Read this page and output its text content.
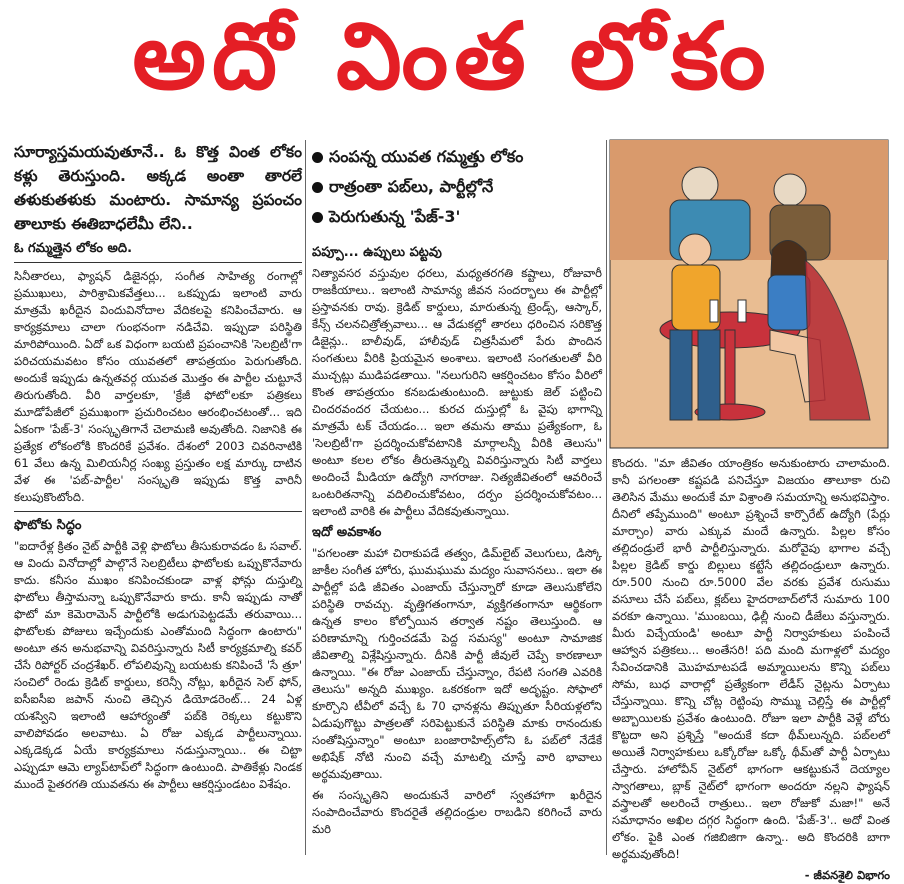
అదో వింత లోకం
సూర్యాస్తమయవుతూనే.. ఓ కొత్త వింత లోకం కళ్లు తెరుస్తుంది. అక్కడ అంతా తారలే తళుకుతళుకు మంటారు. సామాన్య ప్రపంచం తాలూకు ఈతిబాధలేమీ లేని..
ఓ గమ్మత్తైన లోకం అది.

సినీతారలు, ఫ్యాషన్ డిజైనర్లు, సంగీత సాహిత్య రంగాల్లో ప్రముఖులు, పారిశ్రామికవేత్తలు... ఒకప్పుడు ఇలాంటి వారు మాత్రమే ఖరీదైన విందువినోదాల వేదికలపై కనిపించేవారు. ఆ కార్యక్రమాలు చాలా గుంభనంగా నడిచేవి. ఇప్పుడా పరిస్థితి మారిపోయింది. ఏదో ఒక విధంగా బయటి ప్రపంచానికి 'సెలబ్రిటీ'గా పరిచయమవటం కోసం యువతలో తాపత్రయం పెరుగుతోంది. అందుకే ఇప్పుడు ఉన్నతవర్గ యువత మొత్తం ఈ పార్టీల చుట్టూనే తిరుగుతోంది. వీరి వార్తలకూ, 'క్రేజీ ఫోటో'లకూ పత్రికలు మూడోపేజీలో ప్రముఖంగా ప్రచురించటం ఆరంభించటంతో... ఇది ఏకంగా 'పేజ్-3' సంస్కృతిగానే చెలామణి అవుతోంది. నిజానికి ఈ ప్రత్యేక లోకంలోకి కొందరికే ప్రవేశం. దేశంలో 2003 చివరినాటికి 61 వేలు ఉన్న మిలియనీర్ల సంఖ్య ప్రస్తుతం లక్ష మార్కు దాటిన వేళ ఈ 'పబ్-పార్టీల' సంస్కృతి ఇప్పుడు కొత్త వారినీ కలుపుకొంటోంది.

ఫొటోకు సిద్ధం

"ఐదారేళ్ల క్రితం నైట్ పార్టీకి వెళ్లి ఫొటోలు తీసుకురావడం ఓ సవాల్. ఆ విందు వినోదాల్లో పాల్గొనే సెలబ్రిటీలు ఫొటోలకు ఒప్పుకొనేవారు కాదు. కనీసం ముఖం కనిపించకుండా వాళ్ల ఫోన్లు దుస్తుల్ని ఫొటోలు తీస్తామన్నా ఒప్పుకొనేవారు కాదు. కానీ ఇప్పుడు నాతో ఫొటో మా కెమెరామెన్ పార్టీలోకి అడుగుపెట్టడమే తరువాయి... ఫొటోలకు పోజులు ఇచ్చేందుకు ఎంతోమంది సిద్ధంగా ఉంటారు" అంటూ తన అనుభవాన్ని వివరిస్తున్నారు సిటీ కార్యక్రమాల్ని కవర్ చేసే రిపోర్టర్ చంద్రశేఖర్. లోపలివున్ని బయటకు కనిపించే 'సే త్రూ' సంచిలో రెండు క్రెడిట్ కార్డులు, కరెన్సీ నోట్లు, ఖరీదైన సెల్ ఫోన్, ఐసీఐసీఐ జపాన్ నుంచి తెచ్చిన డియోడరెంట్... 24 ఏళ్ల యశస్విని ఇలాంటి ఆహార్యంతో పబ్‌కి రెక్కలు కట్టుకొని వాలిపోవడం అలవాటు. ఏ రోజు ఎక్కడ పార్టీలున్నాయి. ఎక్కడెక్కడ ఏయే కార్యక్రమాలు నడుస్తున్నాయి.. ఈ చిట్టా ఎప్పుడూ ఆమె ల్యాప్‌టాప్‌లో సిద్ధంగా ఉంటుంది. పాతికేళ్లు నిండక ముందే పైతరగతి యువతను ఈ పార్టీలు ఆకర్షిస్తుండటం విశేషం.

సంపన్న యువత గమ్మత్తు లోకం
రాత్రంతా పబ్‌లు, పార్టీల్లోనే
పెరుగుతున్న 'పేజ్-3'
పప్పూ... ఉప్పులు పట్టవు

నిత్యావసర వస్తువుల ధరలు, మధ్యతరగతి కష్టాలు, రోజువారీ రాజకీయాలు.. ఇలాంటి సామాన్య జీవన సందర్భాలు ఈ పార్టీల్లో ప్రస్తావనకు రావు. క్రెడిట్ కార్డులు, మారుతున్న ట్రెండ్స్, ఆస్కార్, కేన్స్ చలనచిత్రోత్సవాలు... ఆ వేడుకల్లో తారలు ధరించిన సరికొత్త డిజైన్లు.. బాలీవుడ్, హాలీవుడ్ చిత్రసీమలో పేరు పొందిన సంగతులు వీరికి ప్రియమైన అంశాలు. ఇలాంటి సంగతులతో వీరి ముచ్చట్లు ముడిపడతాయి. "నలుగురిని ఆకర్షించటం కోసం వీరిలో కొంత తాపత్రయం కనబడుతుంటుంది. జుట్టుకు జెల్ పట్టించి చిందరవందర చేయటం... కురచ దుస్తుల్లో ఓ వైపు భాగాన్ని మాత్రమే టక్ చేయడం... ఇలా తమను తాము ప్రత్యేకంగా, ఓ 'సెలబ్రిటీ'గా ప్రదర్శించుకోవటానికి మార్గాలన్నీ వీరికి తెలుసు" అంటూ కలల లోకం తీరుతెన్నుల్ని వివరిస్తున్నారు సిటీ వార్తలు అందించే మీడియా ఉద్యోగి నాగరాజు. నిత్యజీవితంలో ఆవరించే ఒంటరితనాన్ని వదిలించుకోవటం, దర్పం ప్రదర్శించుకోవటం... ఇలాంటి వారికి ఈ పార్టీలు వేదికవుతున్నాయి.

ఇదో అవకాశం

"పగలంతా మహా చిరాకుపడే తత్వం, డిమ్‌లైట్ వెలుగులు, డిస్కో జాకీల సంగీత హోరు, ఘుమఘుమ మద్యం సువాసనలు.. ఇలా ఈ పార్టీల్లో పడి జీవితం ఎంజాయ్ చేస్తున్నారో కూడా తెలుసుకోలేని పరిస్థితి రావచ్చు. వృత్తిగతంగానూ, వ్యక్తిగతంగానూ ఆర్థికంగా ఉన్నత కాలం కోల్పోయిన తర్వాత నష్టం తెలుస్తుంది. ఆ పరిణామాన్ని గుర్తించడమే పెద్ద సమస్య" అంటూ సామాజిక జీవితాల్ని విశ్లేషిస్తున్నారు. దీనికి పార్టీ జీవులే చెప్పే కారణాలూ ఉన్నాయి. "ఈ రోజు ఎంజాయ్ చేస్తున్నాం, రేపటి సంగతి ఎవరికి తెలుసు" అన్నది ముఖ్యం. ఒకరకంగా ఇదో అదృష్టం. సోఫాలో కూర్చొని టీవీలో వచ్చే ఓ 70 ఛానళ్లను తిప్పుతూ సీరియళ్లలోని ఏడుపుగొట్టు పాత్రలతో సరిపెట్టుకునే పరిస్థితి మాకు రానందుకు సంతోషిస్తున్నాం" అంటూ బంజారాహిల్స్‌లోని ఓ పబ్‌లో నేడేకే అభిషేక్ నోటి నుంచి వచ్చే మాటల్ని చూస్తే వారి భావాలు అర్థమవుతాయి.

ఈ సంస్కృతిని అందుకునే వారిలో స్వతహాగా ఖరీదైన సంపాదించేవారు కొందరైతే తల్లిదండ్రుల రాబడిని కరిగించే వారు మరి

కొందరు. "మా జీవితం యాంత్రికం అనుకుంటారు చాలామంది. కానీ పగలంతా కష్టపడి పనిచేస్తూ విజయం తాలూకా రుచి తెలిసిన మేము అందుకే మా విశ్రాంతి సమయాన్ని అనుభవిస్తాం. దీనిలో తప్పేముంది" అంటూ ప్రశ్నించే కార్పొరేట్ ఉద్యోగి (పేర్లు మార్చాం) వారు ఎక్కువ మందే ఉన్నారు. పిల్లల కోసం తల్లిదండ్రులే భారీ పార్టీలిస్తున్నారు. మరోవైపు భాగాల వచ్చే పిల్లల క్రెడిట్ కార్డు బిల్లులు కట్టేసే తల్లిదండ్రులూ ఉన్నారు. రూ.500 నుంచి రూ.5000 వేల వరకు ప్రవేశ రుసుము వసూలు చేసే పబ్‌లు, క్లబ్‌లు హైదరాబాద్‌లోనే సుమారు 100 వరకూ ఉన్నాయి. 'ముంబయి, ఢిల్లీ నుంచి డీజేలు వస్తున్నారు. మీరు విచ్చేయండి' అంటూ పార్టీ నిర్వాహకులు పంపించే ఆహ్వాన పత్రికలు... అంతేసరి! పది మంది మగాళ్లలో మద్యం సేవించడానికి మొహమాటపడే అమ్మాయిలను కొన్ని పబ్‌లు సోమ, బుధ వారాల్లో ప్రత్యేకంగా లేడీస్ నైట్లను ఏర్పాటు చేస్తున్నాయి. కొన్ని చోట్ల రెట్టింపు సొమ్ము చెల్లిస్తే ఈ పార్టీల్లో అబ్బాయిలకు ప్రవేశం ఉంటుంది. రోజూ ఇలా పార్టీకి వెళ్లే బోరు కొట్టదా అని ప్రశ్నిస్తే "అందుకే కదా థీమ్‌లున్నది. పబ్‌లలో అయితే నిర్వాహకులు ఒక్కోరోజు ఒక్కో థీమ్‌తో పార్టీ ఏర్పాటు చేస్తారు. హాలోవీన్ నైట్‌లో భాగంగా ఆకట్టుకునే దెయ్యాల స్వాగతాలు, బ్లాక్ నైట్‌లో భాగంగా అందరూ నల్లని ఫ్యాషన్ వస్త్రాలతో అలరించే రాత్రులు.. ఇలా రోజుకో మజా!" అనే సమాధానం అఖిల దగ్గర సిద్ధంగా ఉంది. 'పేజ్-3'.. అదో వింత లోకం. పైకి ఎంత గజిబిజిగా ఉన్నా.. అది కొందరికి బాగా అర్థమవుతోంది!

- జీవనశైలి విభాగం
